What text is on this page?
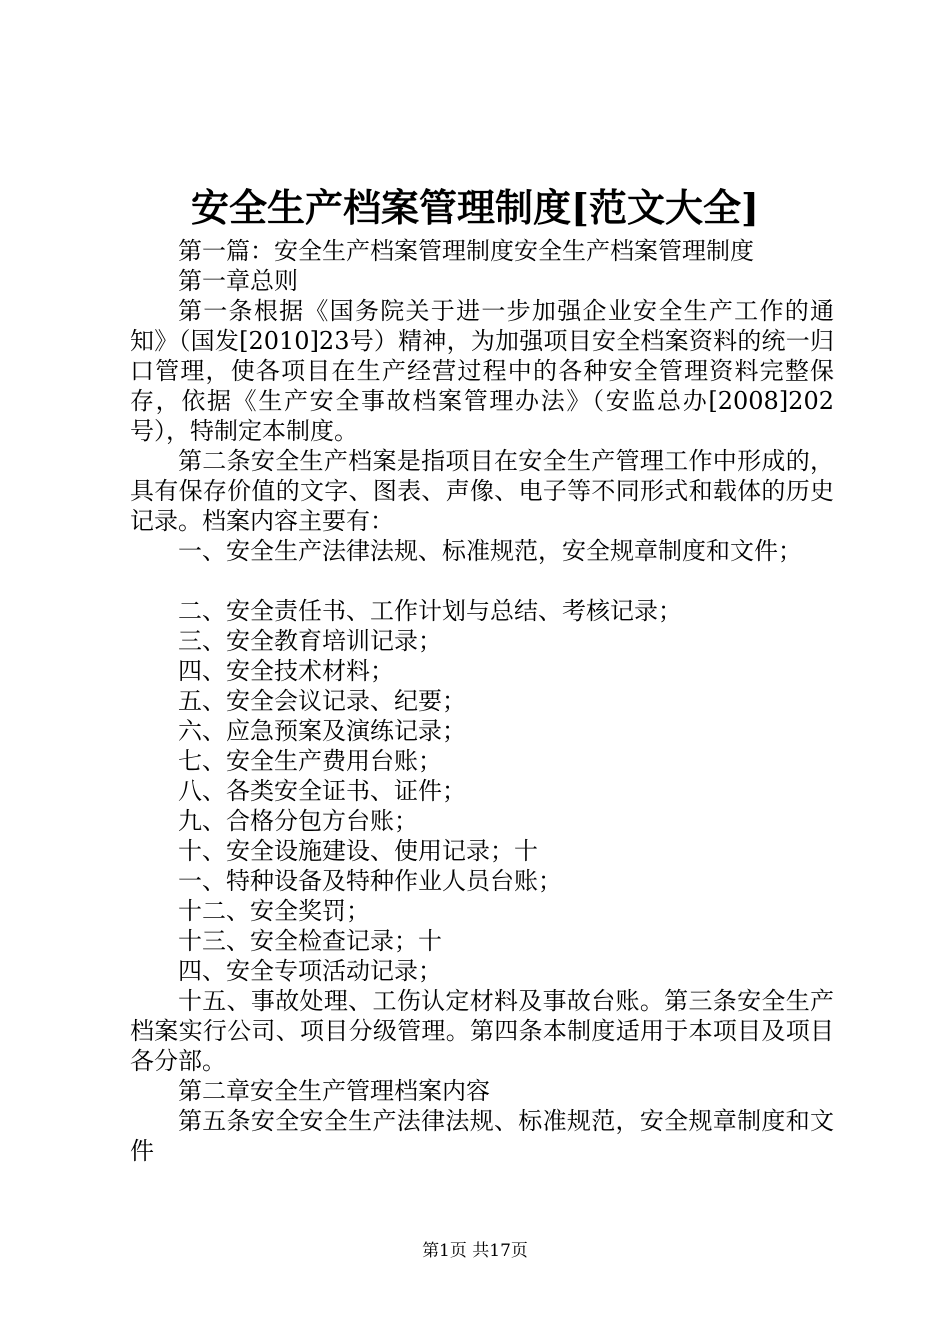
安全生产档案管理制度[范文大全]

第一篇：安全生产档案管理制度安全生产档案管理制度

第一章总则

第一条根据《国务院关于进一步加强企业安全生产工作的通知》（国发[2010]23号）精神，为加强项目安全档案资料的统一归口管理，使各项目在生产经营过程中的各种安全管理资料完整保存，依据《生产安全事故档案管理办法》（安监总办[2008]202号），特制定本制度。

第二条安全生产档案是指项目在安全生产管理工作中形成的，具有保存价值的文字、图表、声像、电子等不同形式和载体的历史记录。档案内容主要有：

一、安全生产法律法规、标准规范，安全规章制度和文件；

二、安全责任书、工作计划与总结、考核记录；

三、安全教育培训记录；

四、安全技术材料；

五、安全会议记录、纪要；

六、应急预案及演练记录；

七、安全生产费用台账；

八、各类安全证书、证件；

九、合格分包方台账；

十、安全设施建设、使用记录；十

一、特种设备及特种作业人员台账；

十二、安全奖罚；

十三、安全检查记录；十

四、安全专项活动记录；

十五、事故处理、工伤认定材料及事故台账。第三条安全生产档案实行公司、项目分级管理。第四条本制度适用于本项目及项目各分部。

第二章安全生产管理档案内容

第五条安全安全生产法律法规、标准规范，安全规章制度和文件

第1页 共17页
